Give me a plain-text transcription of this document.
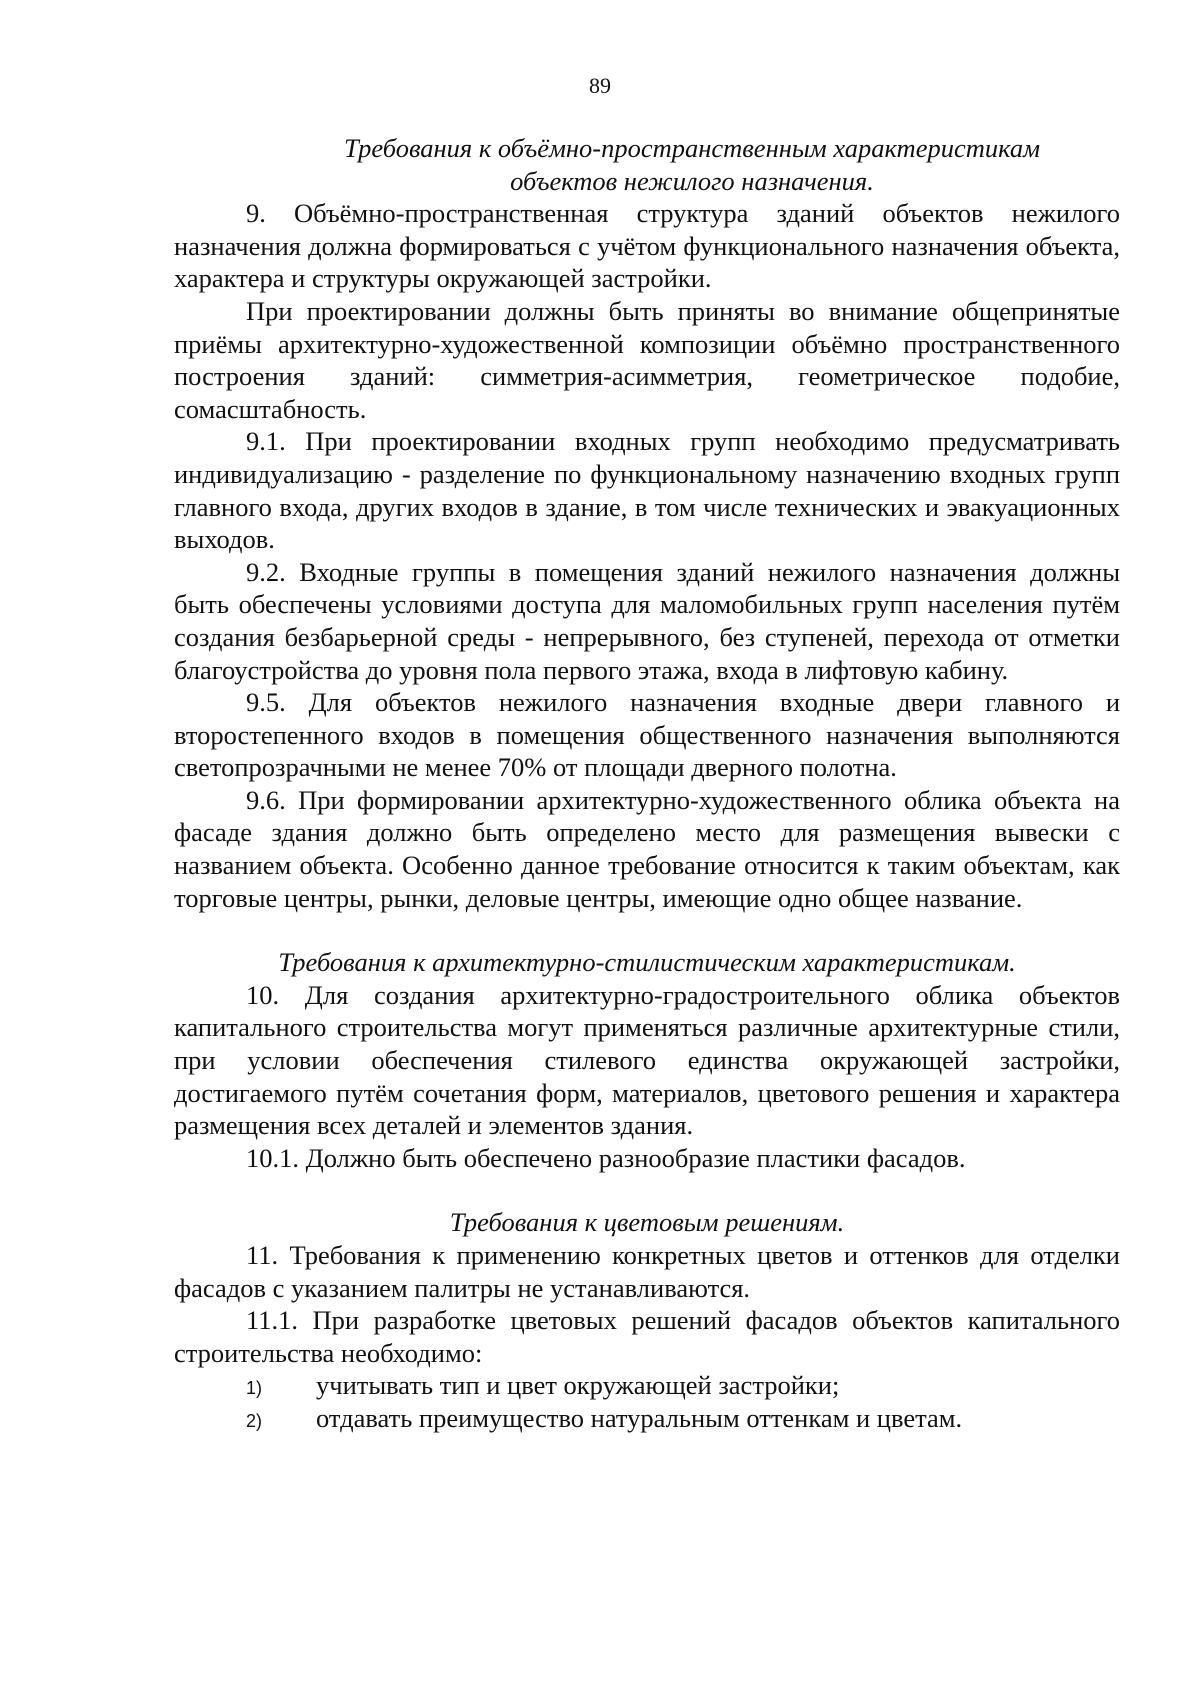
89

Требования к объёмно-пространственным характеристикам
объектов нежилого назначения.

9. Объёмно-пространственная структура зданий объектов нежилого назначения должна формироваться с учётом функционального назначения объекта, характера и структуры окружающей застройки.

При проектировании должны быть приняты во внимание общепринятые приёмы архитектурно-художественной композиции объёмно пространственного построения зданий: симметрия-асимметрия, геометрическое подобие, сомасштабность.

9.1. При проектировании входных групп необходимо предусматривать индивидуализацию - разделение по функциональному назначению входных групп главного входа, других входов в здание, в том числе технических и эвакуационных выходов.

9.2. Входные группы в помещения зданий нежилого назначения должны быть обеспечены условиями доступа для маломобильных групп населения путём создания безбарьерной среды - непрерывного, без ступеней, перехода от отметки благоустройства до уровня пола первого этажа, входа в лифтовую кабину.

9.5. Для объектов нежилого назначения входные двери главного и второстепенного входов в помещения общественного назначения выполняются светопрозрачными не менее 70% от площади дверного полотна.

9.6. При формировании архитектурно-художественного облика объекта на фасаде здания должно быть определено место для размещения вывески с названием объекта. Особенно данное требование относится к таким объектам, как торговые центры, рынки, деловые центры, имеющие одно общее название.

Требования к архитектурно-стилистическим характеристикам.

10. Для создания архитектурно-градостроительного облика объектов капитального строительства могут применяться различные архитектурные стили, при условии обеспечения стилевого единства окружающей застройки, достигаемого путём сочетания форм, материалов, цветового решения и характера размещения всех деталей и элементов здания.

10.1. Должно быть обеспечено разнообразие пластики фасадов.

Требования к цветовым решениям.

11. Требования к применению конкретных цветов и оттенков для отделки фасадов с указанием палитры не устанавливаются.

11.1. При разработке цветовых решений фасадов объектов капитального строительства необходимо:

1) учитывать тип и цвет окружающей застройки;

2) отдавать преимущество натуральным оттенкам и цветам.
